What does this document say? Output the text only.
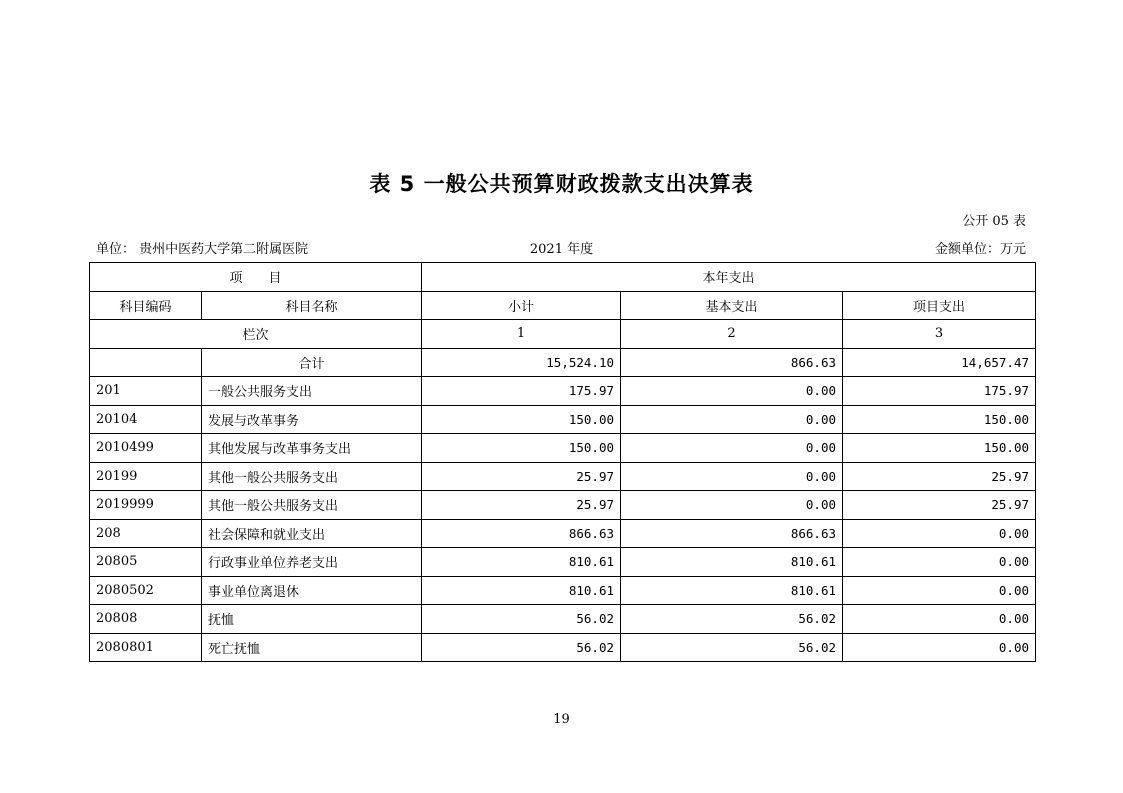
表 5 一般公共预算财政拨款支出决算表
公开 05 表
单位： 贵州中医药大学第二附属医院	2021 年度	金额单位：万元
项　　目		本年支出		
科目编码	科目名称	小计	基本支出	项目支出
栏次		1	2	3
	合计	15,524.10	866.63	14,657.47
201	一般公共服务支出	175.97	0.00	175.97
20104	发展与改革事务	150.00	0.00	150.00
2010499	其他发展与改革事务支出	150.00	0.00	150.00
20199	其他一般公共服务支出	25.97	0.00	25.97
2019999	其他一般公共服务支出	25.97	0.00	25.97
208	社会保障和就业支出	866.63	866.63	0.00
20805	行政事业单位养老支出	810.61	810.61	0.00
2080502	事业单位离退休	810.61	810.61	0.00
20808	抚恤	56.02	56.02	0.00
2080801	死亡抚恤	56.02	56.02	0.00
19
